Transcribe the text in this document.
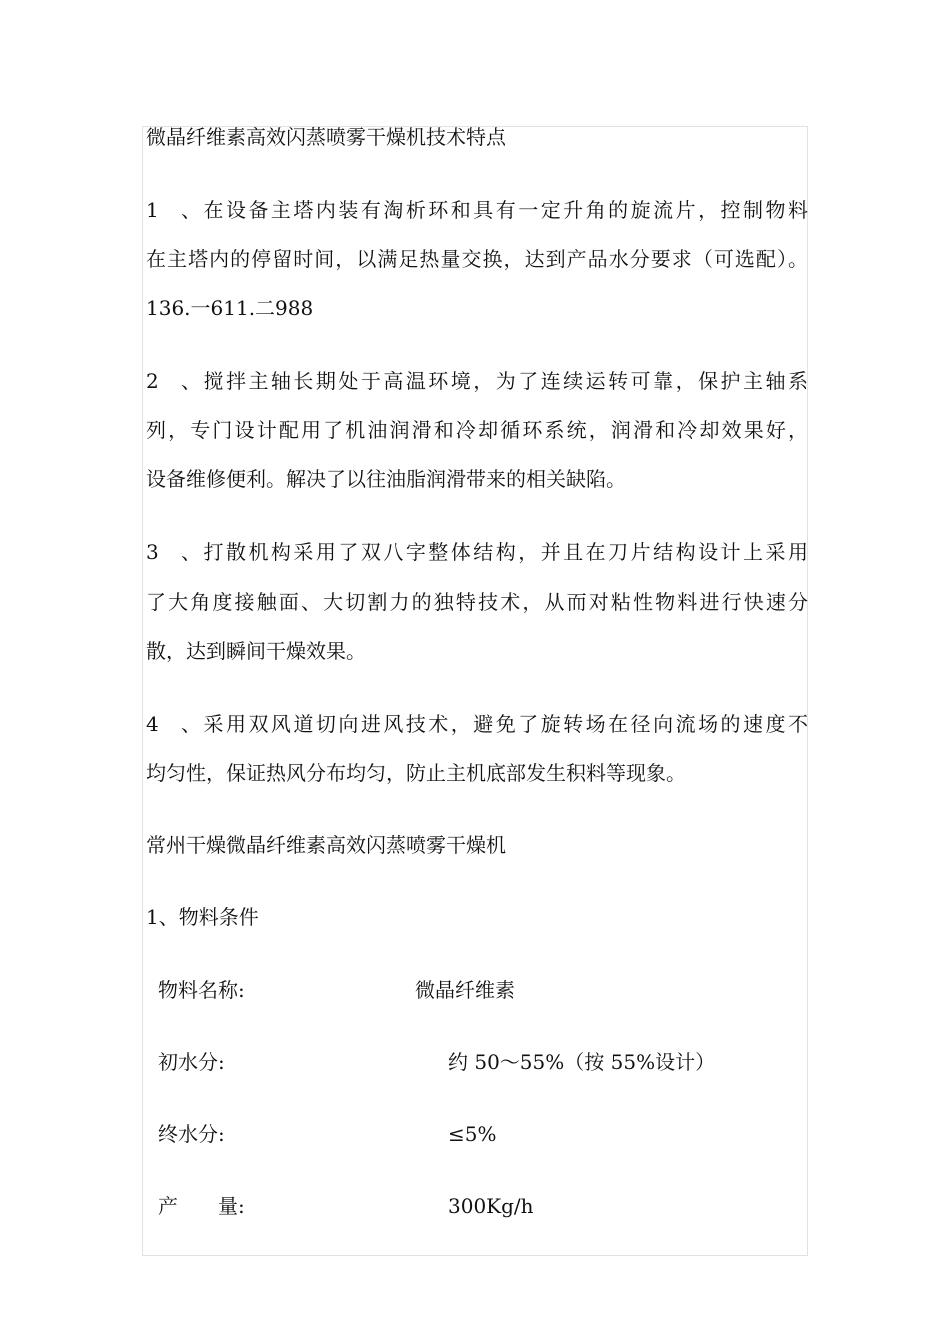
微晶纤维素高效闪蒸喷雾干燥机技术特点
1、在设备主塔内装有淘析环和具有一定升角的旋流片，控制物料
在主塔内的停留时间，以满足热量交换，达到产品水分要求（可选配）。
136.一611.二988
2、搅拌主轴长期处于高温环境，为了连续运转可靠，保护主轴系
列，专门设计配用了机油润滑和冷却循环系统，润滑和冷却效果好，
设备维修便利。解决了以往油脂润滑带来的相关缺陷。
3、打散机构采用了双八字整体结构，并且在刀片结构设计上采用
了大角度接触面、大切割力的独特技术，从而对粘性物料进行快速分
散，达到瞬间干燥效果。
4、采用双风道切向进风技术，避免了旋转场在径向流场的速度不
均匀性，保证热风分布均匀，防止主机底部发生积料等现象。
常州干燥微晶纤维素高效闪蒸喷雾干燥机
1、物料条件
物料名称:	微晶纤维素
初水分:	约 50～55%（按 55%设计）
终水分:	≤5%
产　　量:	300Kg/h
